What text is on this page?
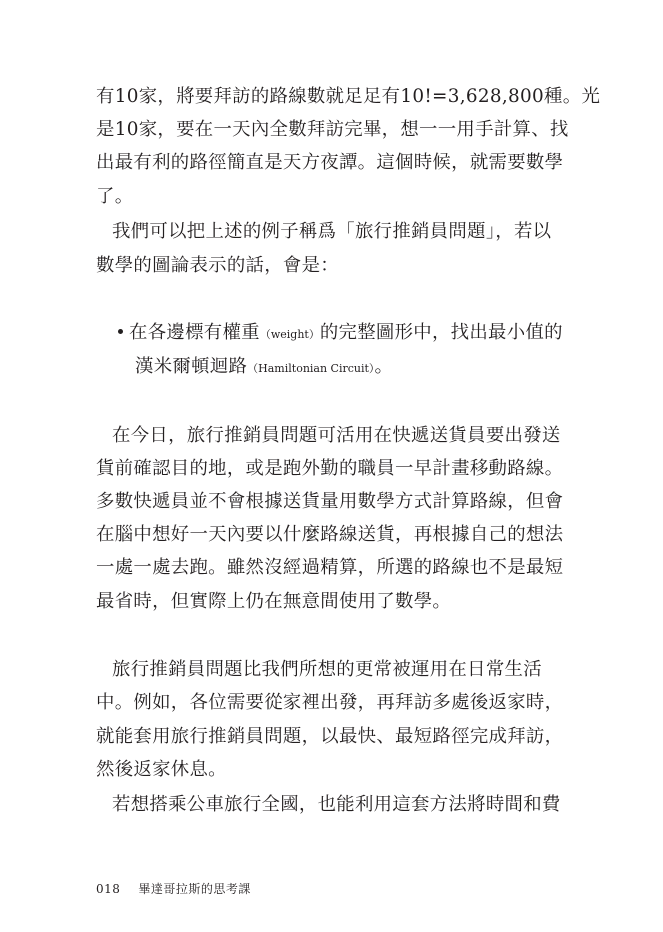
有10家，將要拜訪的路線數就足足有10!=3,628,800種。光
是10家，要在一天內全數拜訪完畢，想一一用手計算、找
出最有利的路徑簡直是天方夜譚。這個時候，就需要數學
了。
我們可以把上述的例子稱爲「旅行推銷員問題」，若以
數學的圖論表示的話，會是：
在各邊標有權重（weight）的完整圖形中，找出最小值的
漢米爾頓迴路（Hamiltonian Circuit）。
在今日，旅行推銷員問題可活用在快遞送貨員要出發送
貨前確認目的地，或是跑外勤的職員一早計畫移動路線。
多數快遞員並不會根據送貨量用數學方式計算路線，但會
在腦中想好一天內要以什麼路線送貨，再根據自己的想法
一處一處去跑。雖然沒經過精算，所選的路線也不是最短
最省時，但實際上仍在無意間使用了數學。
旅行推銷員問題比我們所想的更常被運用在日常生活
中。例如，各位需要從家裡出發，再拜訪多處後返家時，
就能套用旅行推銷員問題，以最快、最短路徑完成拜訪，
然後返家休息。
若想搭乘公車旅行全國，也能利用這套方法將時間和費
018 畢達哥拉斯的思考課
